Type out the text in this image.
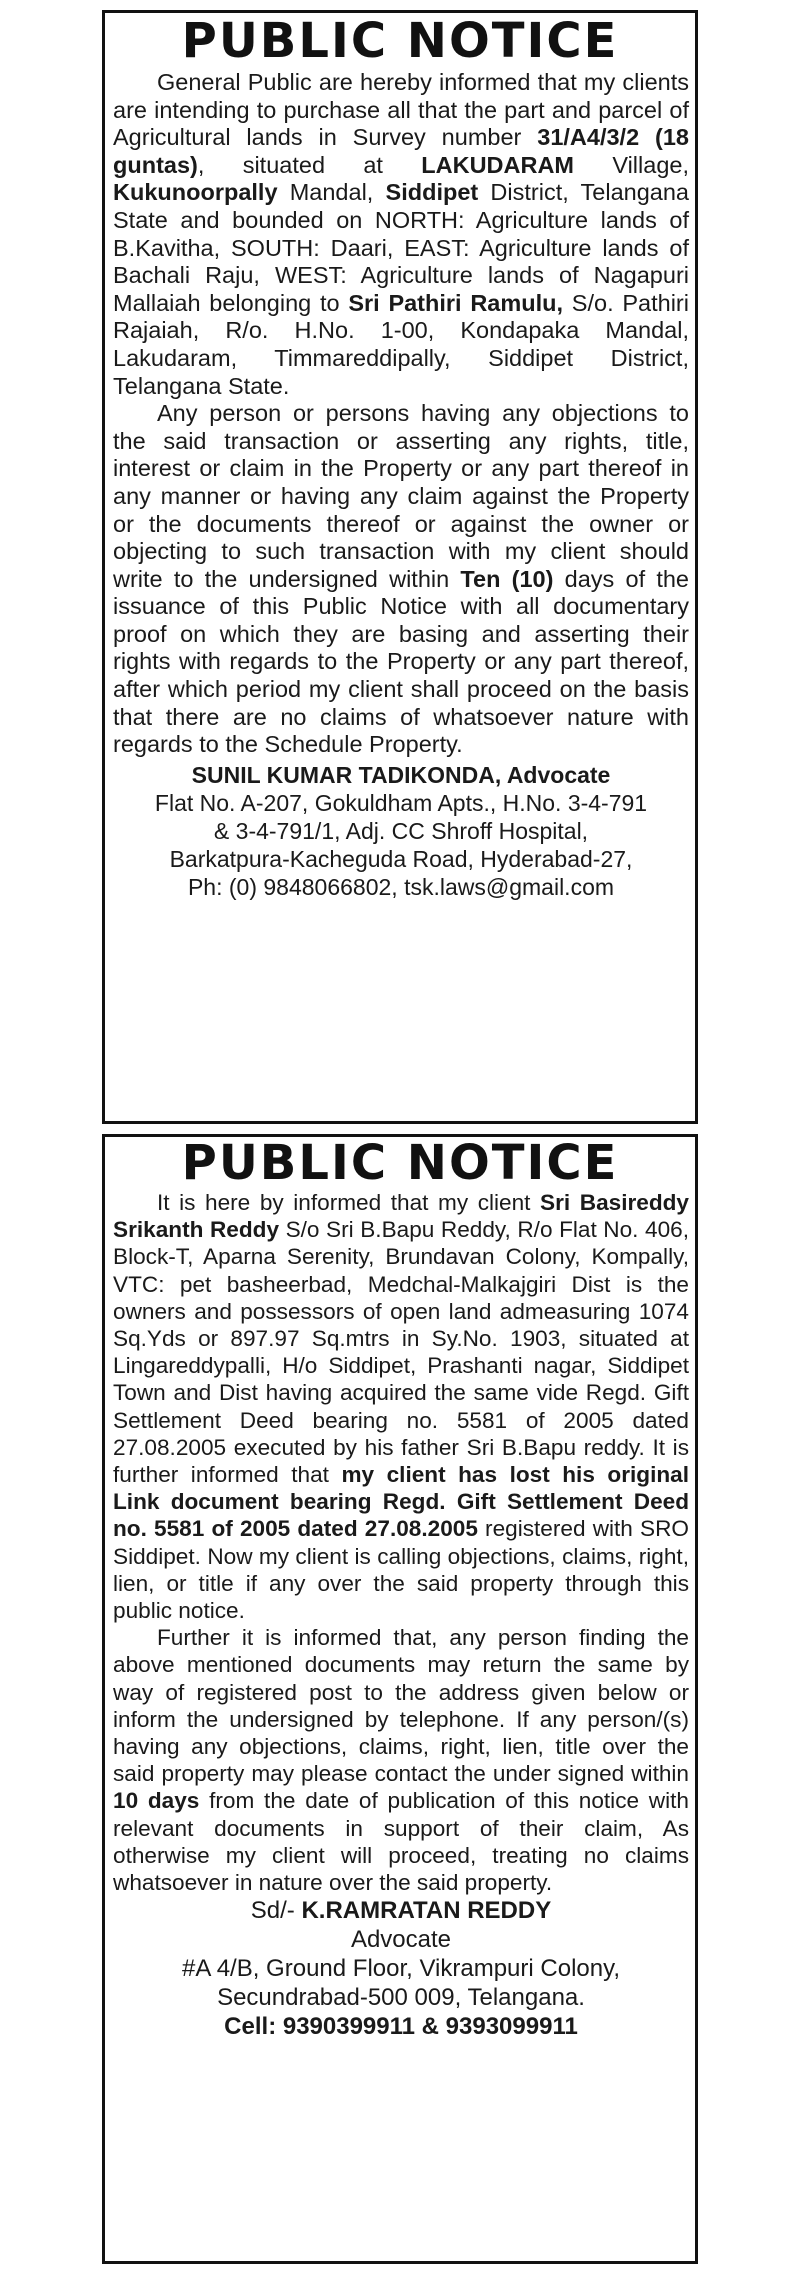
PUBLIC NOTICE

General Public are hereby informed that my clients are intending to purchase all that the part and parcel of Agricultural lands in Survey number 31/A4/3/2 (18 guntas), situated at LAKUDARAM Village, Kukunoorpally Mandal, Siddipet District, Telangana State and bounded on NORTH: Agriculture lands of B.Kavitha, SOUTH: Daari, EAST: Agriculture lands of Bachali Raju, WEST: Agriculture lands of Nagapuri Mallaiah belonging to Sri Pathiri Ramulu, S/o. Pathiri Rajaiah, R/o. H.No. 1-00, Kondapaka Mandal, Lakudaram, Timmareddipally, Siddipet District, Telangana State.

Any person or persons having any objections to the said transaction or asserting any rights, title, interest or claim in the Property or any part thereof in any manner or having any claim against the Property or the documents thereof or against the owner or objecting to such transaction with my client should write to the undersigned within Ten (10) days of the issuance of this Public Notice with all documentary proof on which they are basing and asserting their rights with regards to the Property or any part thereof, after which period my client shall proceed on the basis that there are no claims of whatsoever nature with regards to the Schedule Property.

SUNIL KUMAR TADIKONDA, Advocate
Flat No. A-207, Gokuldham Apts., H.No. 3-4-791
& 3-4-791/1, Adj. CC Shroff Hospital,
Barkatpura-Kacheguda Road, Hyderabad-27,
Ph: (0) 9848066802, tsk.laws@gmail.com
PUBLIC NOTICE

It is here by informed that my client Sri Basireddy Srikanth Reddy S/o Sri B.Bapu Reddy, R/o Flat No. 406, Block-T, Aparna Serenity, Brundavan Colony, Kompally, VTC: pet basheerbad, Medchal-Malkajgiri Dist is the owners and possessors of open land admeasuring 1074 Sq.Yds or 897.97 Sq.mtrs in Sy.No. 1903, situated at Lingareddypalli, H/o Siddipet, Prashanti nagar, Siddipet Town and Dist having acquired the same vide Regd. Gift Settlement Deed bearing no. 5581 of 2005 dated 27.08.2005 executed by his father Sri B.Bapu reddy. It is further informed that my client has lost his original Link document bearing Regd. Gift Settlement Deed no. 5581 of 2005 dated 27.08.2005 registered with SRO Siddipet. Now my client is calling objections, claims, right, lien, or title if any over the said property through this public notice.

Further it is informed that, any person finding the above mentioned documents may return the same by way of registered post to the address given below or inform the undersigned by telephone. If any person/(s) having any objections, claims, right, lien, title over the said property may please contact the under signed within 10 days from the date of publication of this notice with relevant documents in support of their claim, As otherwise my client will proceed, treating no claims whatsoever in nature over the said property.

Sd/- K.RAMRATAN REDDY
Advocate
#A 4/B, Ground Floor, Vikrampuri Colony,
Secundrabad-500 009, Telangana.
Cell: 9390399911 & 9393099911
